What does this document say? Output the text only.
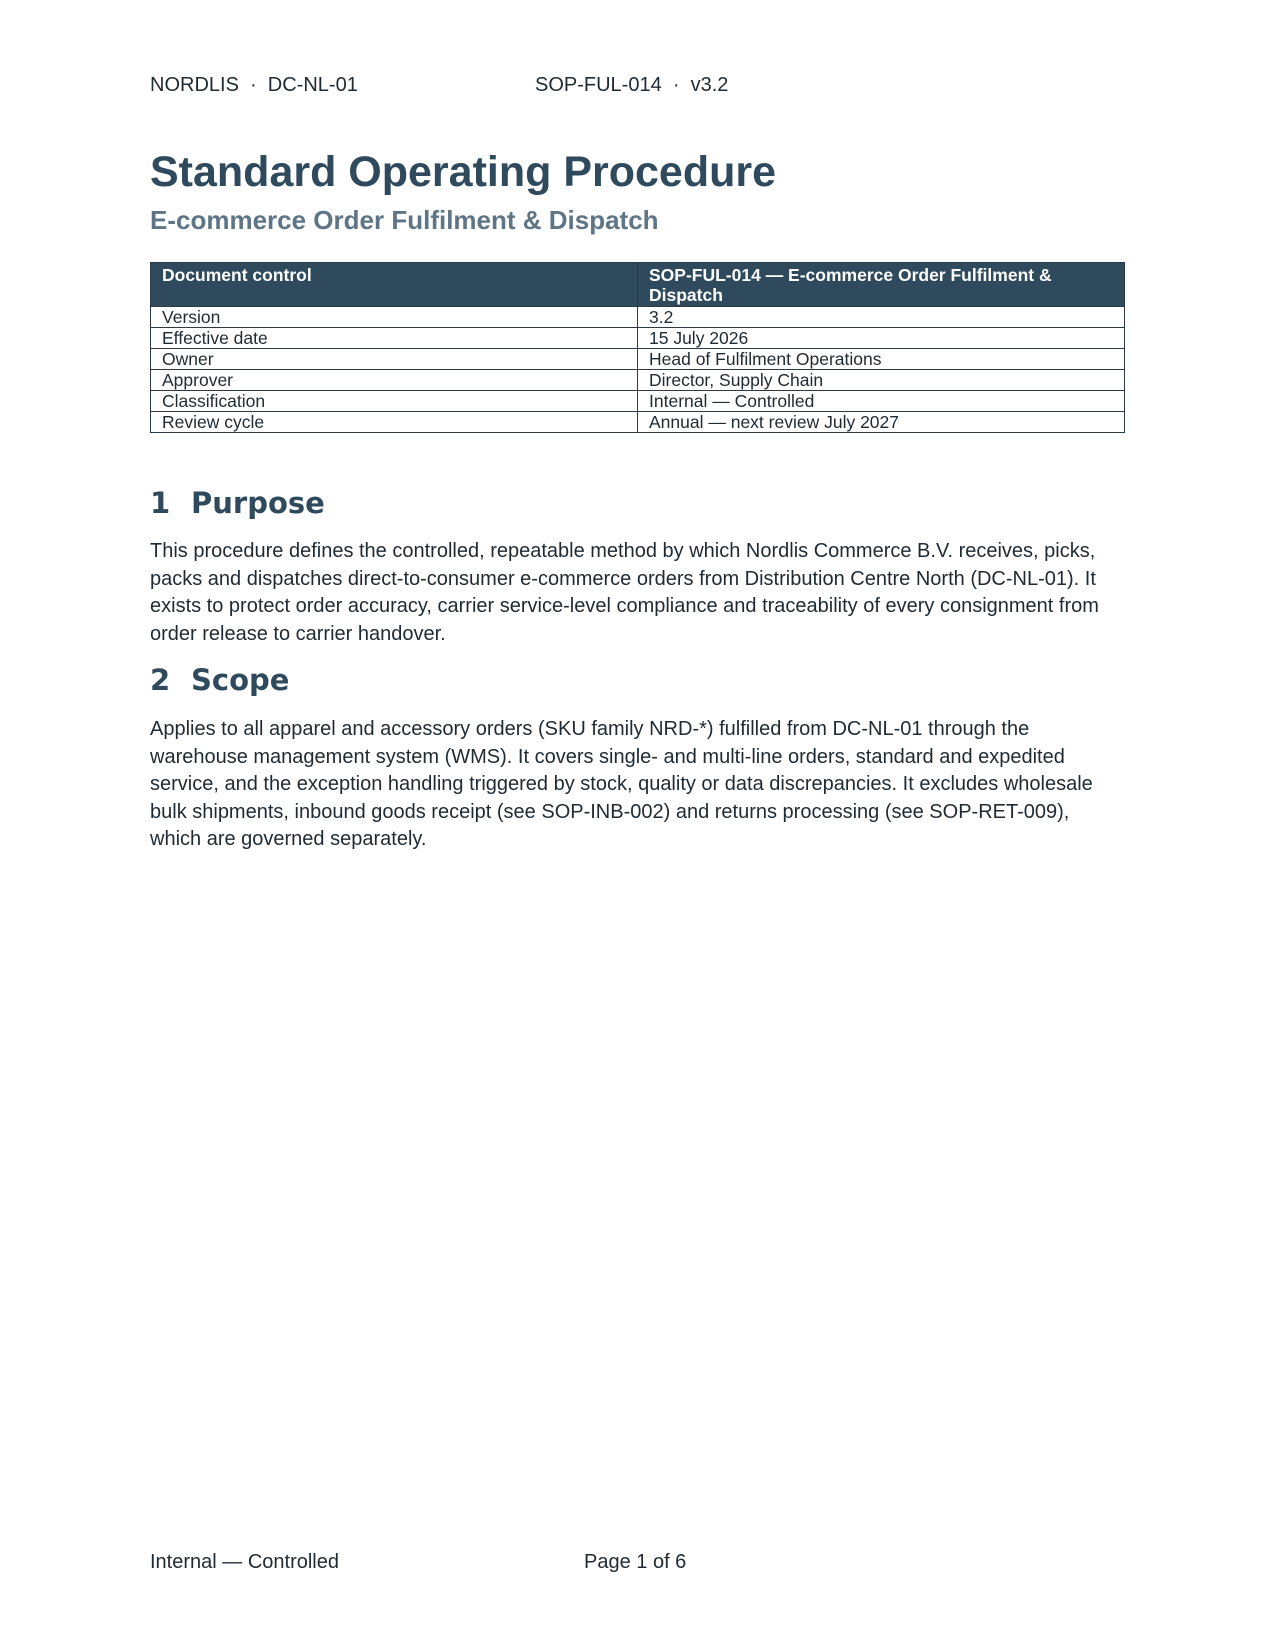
NORDLIS  ·  DC-NL-01	SOP-FUL-014  ·  v3.2
Standard Operating Procedure
E-commerce Order Fulfilment & Dispatch
Document control	SOP-FUL-014 — E-commerce Order Fulfilment & Dispatch
Version	3.2
Effective date	15 July 2026
Owner	Head of Fulfilment Operations
Approver	Director, Supply Chain
Classification	Internal — Controlled
Review cycle	Annual — next review July 2027
1 Purpose

This procedure defines the controlled, repeatable method by which Nordlis Commerce B.V. receives, picks, packs and dispatches direct-to-consumer e-commerce orders from Distribution Centre North (DC-NL-01). It exists to protect order accuracy, carrier service-level compliance and traceability of every consignment from order release to carrier handover.

2 Scope

Applies to all apparel and accessory orders (SKU family NRD-*) fulfilled from DC-NL-01 through the warehouse management system (WMS). It covers single- and multi-line orders, standard and expedited service, and the exception handling triggered by stock, quality or data discrepancies. It excludes wholesale bulk shipments, inbound goods receipt (see SOP-INB-002) and returns processing (see SOP-RET-009), which are governed separately.

Internal — Controlled	Page 1 of 6
